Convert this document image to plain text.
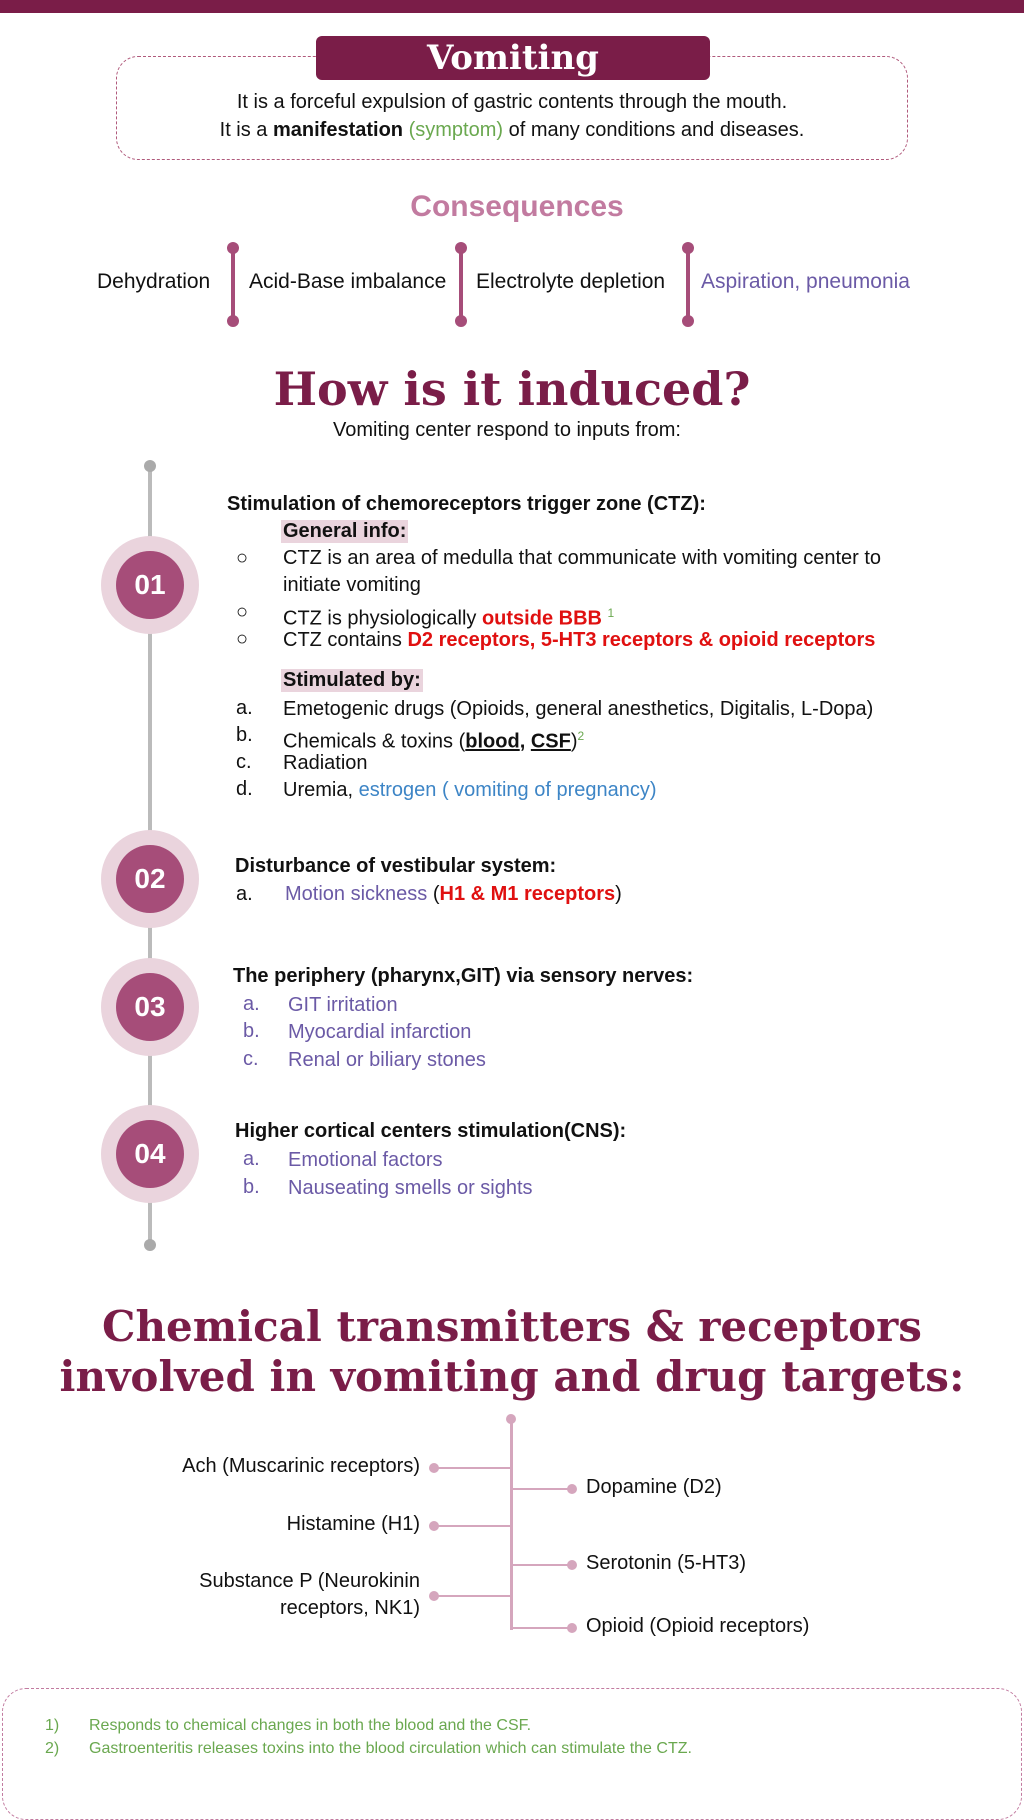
Vomiting
It is a forceful expulsion of gastric contents through the mouth.
It is a manifestation (symptom) of many conditions and diseases.
Consequences
Dehydration Acid-Base imbalance Electrolyte depletion Aspiration, pneumonia
How is it induced?
Vomiting center respond to inputs from:
01
02
03
04
Stimulation of chemoreceptors trigger zone (CTZ):
General info:
○ CTZ is an area of medulla that communicate with vomiting center to
initiate vomiting
○ CTZ is physiologically outside BBB $^1$
○ CTZ contains D2 receptors, 5-HT3 receptors & opioid receptors
Stimulated by:
a. Emetogenic drugs (Opioids, general anesthetics, Digitalis, L-Dopa)
b. Chemicals & toxins (blood, CSF)$^2$
c. Radiation
d. Uremia, estrogen ( vomiting of pregnancy)
Disturbance of vestibular system:
a. Motion sickness (H1 & M1 receptors)
The periphery (pharynx,GIT) via sensory nerves:
a. GIT irritation
b. Myocardial infarction
c. Renal or biliary stones
Higher cortical centers stimulation(CNS):
a. Emotional factors
b. Nauseating smells or sights
Chemical transmitters & receptors
involved in vomiting and drug targets:
Ach (Muscarinic receptors)
Histamine (H1)
Substance P (Neurokinin
receptors, NK1)
Dopamine (D2)
Serotonin (5-HT3)
Opioid (Opioid receptors)
1) Responds to chemical changes in both the blood and the CSF.
2) Gastroenteritis releases toxins into the blood circulation which can stimulate the CTZ.
